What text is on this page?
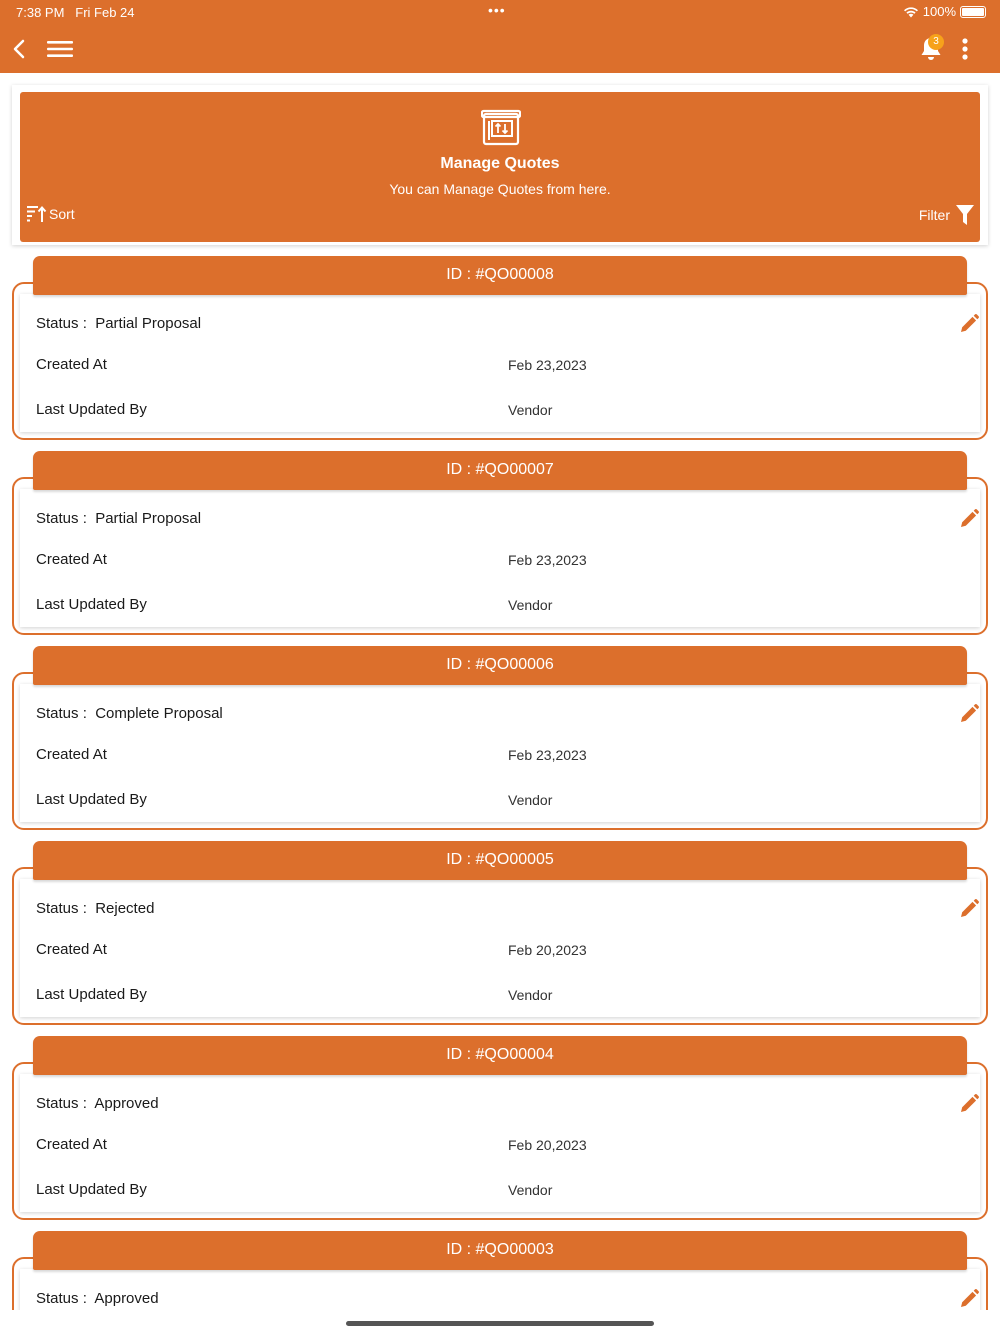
7:38 PM Fri Feb 24	•••	100%
3
Manage Quotes
You can Manage Quotes from here.
Sort	Filter
Status : Partial Proposal
Created At	Feb 23,2023
Last Updated By	Vendor
ID : #QO00008
Status : Partial Proposal
Created At	Feb 23,2023
Last Updated By	Vendor
ID : #QO00007
Status : Complete Proposal
Created At	Feb 23,2023
Last Updated By	Vendor
ID : #QO00006
Status : Rejected
Created At	Feb 20,2023
Last Updated By	Vendor
ID : #QO00005
Status : Approved
Created At	Feb 20,2023
Last Updated By	Vendor
ID : #QO00004
Status : Approved
ID : #QO00003
